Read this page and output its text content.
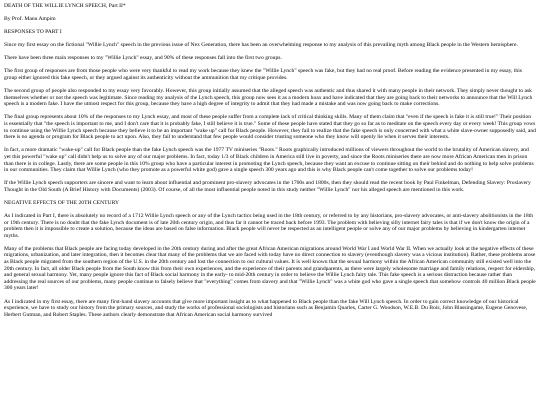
DEATH OF THE WILLIE LYNCH SPEECH, Part II*

By Prof. Manu Ampim

RESPONSES TO PART I

Since my first essay on the fictional "Willie Lynch" speech in the previous issue of Nex Generation, there has been an overwhelming response to my analysis of this prevailing myth among Black people in the Western hemisphere.

There have been three main responses to my "Willie Lynch" essay, and 90% of these responses fall into the first two groups.

The first group of responses are from those people who were very thankful to read my work because they knew the "Willie Lynch" speech was fake, but they had no real proof. Before reading the evidence presented in my essay, this group either ignored this fake speech, or they argued against its authenticity without the ammunition that my critique provides.

The second group of people also responded to my essay very favorably. However, this group initially assumed that the alleged speech was authentic and thus shared it with many people in their network. They simply never thought to ask themselves whether or not the speech was legitimate. Since reading my analysis of the Lynch speech, this group now sees it as a modern hoax and have indicated that they are going back to their networks to announce that the Will Lynch speech is a modern fake. I have the utmost respect for this group, because they have a high degree of integrity to admit that they had made a mistake and was now going back to make corrections.

The final group represents about 10% of the responses to my Lynch essay, and most of these people suffer from a complete lack of critical thinking skills. Many of them claim that "even if the speech is fake it is still true!" Their position is essentially that "the speech is important to me, and I don't care that it is probably fake, I still believe it is true." Some of these people have stated that they go so far as to meditate on the speech every day or every week! This group vows to continue using the Willie Lynch speech because they believe it to be an important "wake up" call for Black people. However, they fail to realize that the fake speech is only concerned with what a white slave-owner supposedly said, and there is no agenda or program for Black people to act upon. Also, they fail to understand that few people would consider trusting someone who they know will openly lie when it serves their interests.

In fact, a more dramatic "wake-up" call for Black people than the fake Lynch speech was the 1977 TV miniseries "Roots." Roots graphically introduced millions of viewers throughout the world to the brutality of American slavery, and yet this powerful "wake up" call didn't help us to solve any of our major problems. In fact, today 1/3 of Black children in America still live in poverty, and since the Roots miniseries there are now more African American men in prison than there is in college. Lastly, there are some people in this 10% group who have a particular interest in promoting the Lynch speech, because they want an excuse to continue sitting on their behind and do nothing to help solve problems in our communities. They claim that Willie Lynch (who they promote as a powerful white god) gave a single speech 300 years ago and this is why Black people can't come together to solve our problems today!

If the Willie Lynch speech supporters are sincere and want to learn about influential and prominent pro-slavery advocates in the 1700s and 1800s, then they should read the recent book by Paul Finkelman, Defending Slavery: Proslavery Thought in the Old South (A Brief History with Documents) (2003). Of course, of all the most influential people noted in this study neither "Willie Lynch" nor his alleged speech are mentioned in this work.

NEGATIVE EFFECTS OF THE 20TH CENTURY

As I indicated in Part I, there is absolutely no record of a 1712 Willie Lynch speech or any of the Lynch tactics being used in the 18th century, or referred to by any historians, pro-slavery advocates, or anti-slavery abolitionists in the 18th or 19th century. There is no doubt that the fake Lynch document is of late 20th century origin, and thus far it cannot be traced back before 1993. The problem with believing silly internet fairy tales is that if we don't know the origin of a problem then it is impossible to create a solution, because the ideas are based on false information. Black people will never be respected as an intelligent people or solve any of our major problems by believing in kindergarten internet myths.

Many of the problems that Black people are facing today developed in the 20th century during and after the great African American migrations around World War I and World War II. When we actually look at the negative effects of these migrations, urbanization, and later integration, then it becomes clear that many of the problems that we are faced with today have no direct connection to slavery (eventhough slavery was a vicious institution). Rather, these problems arose as Black people migrated from the southern region of the U.S. in the 20th century and lost the connection to our cultural values. It is well known that the sexual harmony within the African American community still existed well into the 20th century. In fact, all older Black people from the South know this from their own experiences, and the experience of their parents and grandparents, as there were largely wholesome marriage and family relations, respect for eldership, and general sexual harmony. Yet, many people ignore this fact of Black social harmony in the early- to mid-20th century in order to believe the Willie Lynch fairy tale. This fake speech is a serious distraction because rather than addressing the real sources of our problems, many people continue to falsely believe that "everything" comes from slavery and that "Willie Lynch" was a white god who gave a single speech that somehow controls 40 million Black people 300 years later!

As I indicated in my first essay, there are many first-hand slavery accounts that give more important insight as to what happened to Black people than the fake Will Lynch speech. In order to gain correct knowledge of our historical experience, we have to study our history from the primary sources, and study the works of professional sociologists and historians such as Benjamin Quarles, Carter G. Woodson, W.E.B. Du Bois, John Blassingame, Eugene Genovese, Herbert Gutman, and Robert Staples. These authors clearly demonstrate that African American social harmony survived
